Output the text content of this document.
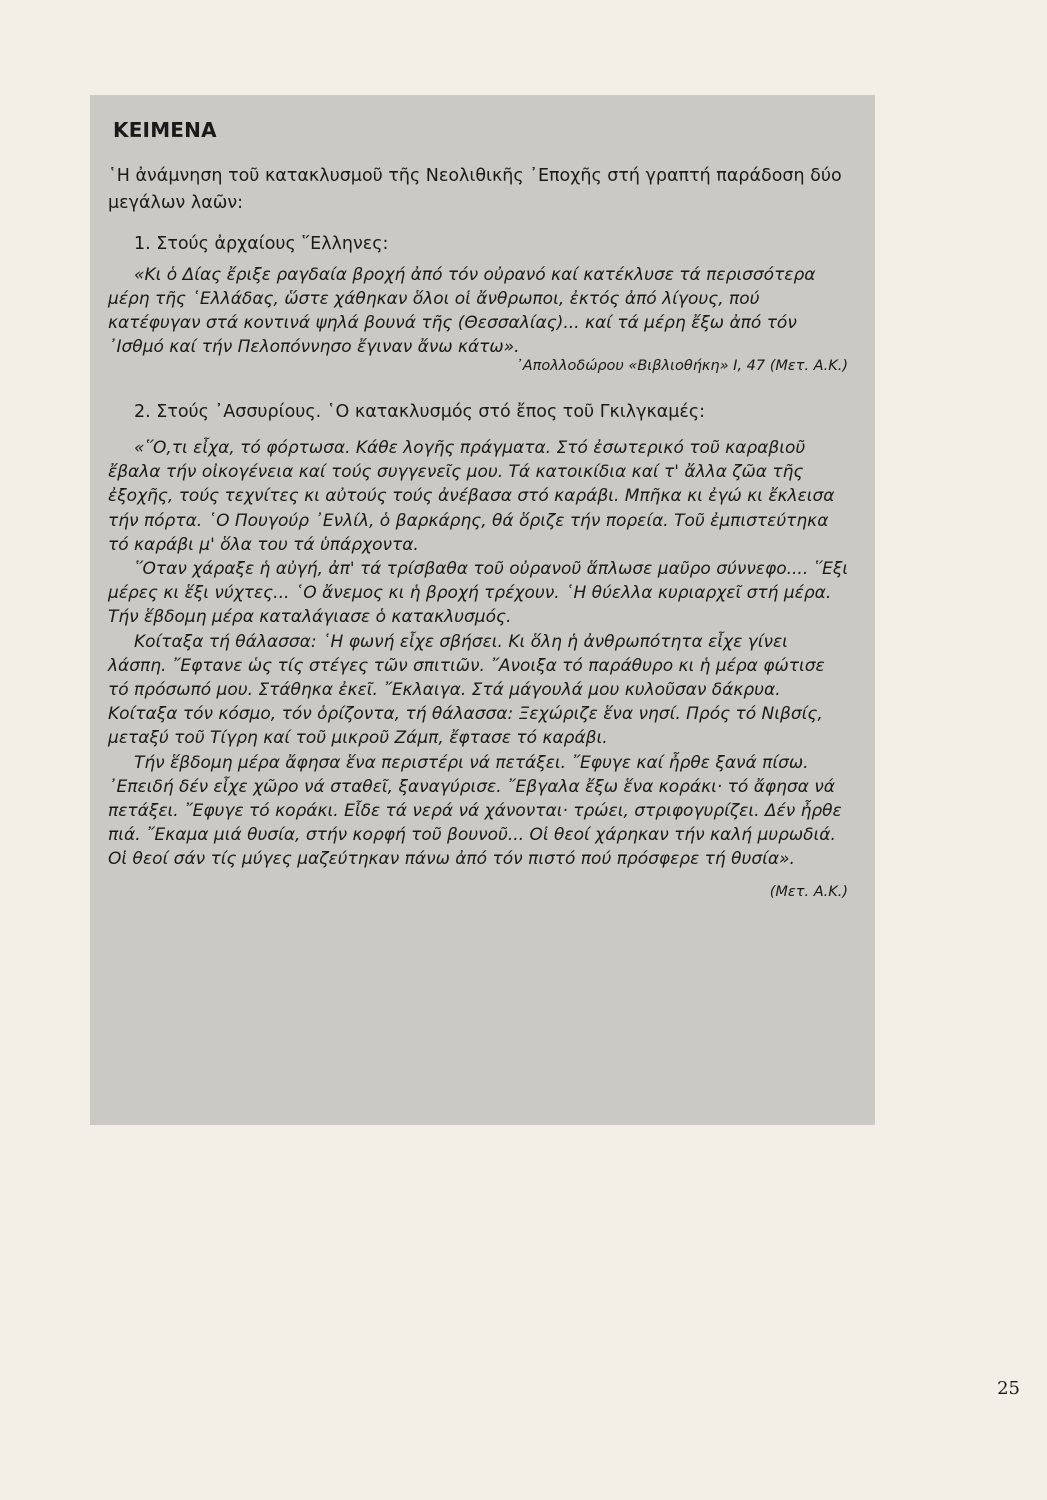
ΚΕΙΜΕΝΑ

῾Η ἀνάμνηση τοῦ κατακλυσμοῦ τῆς Νεολιθικῆς ᾿Εποχῆς στή γραπτή παράδοση δύο μεγάλων λαῶν:

1. Στούς ἀρχαίους ῞Ελληνες:

«Κι ὁ Δίας ἔριξε ραγδαία βροχή ἀπό τόν οὐρανό καί κατέκλυσε τά περισσότερα μέρη τῆς ῾Ελλάδας, ὥστε χάθηκαν ὅλοι οἱ ἄνθρωποι, ἐκτός ἀπό λίγους, πού κατέφυγαν στά κοντινά ψηλά βουνά τῆς (Θεσσαλίας)... καί τά μέρη ἔξω ἀπό τόν ᾿Ισθμό καί τήν Πελοπόννησο ἔγιναν ἄνω κάτω».

᾿Απολλοδώρου «Βιβλιοθήκη» Ι, 47 (Μετ. Α.Κ.)

2. Στούς ᾿Ασσυρίους. ῾Ο κατακλυσμός στό ἔπος τοῦ Γκιλγκαμές:

«῞Ο,τι εἶχα, τό φόρτωσα. Κάθε λογῆς πράγματα. Στό ἐσωτερικό τοῦ καραβιοῦ ἔβαλα τήν οἰκογένεια καί τούς συγγενεῖς μου. Τά κατοικίδια καί τ' ἄλλα ζῶα τῆς ἐξοχῆς, τούς τεχνίτες κι αὐτούς τούς ἀνέβασα στό καράβι. Μπῆκα κι ἐγώ κι ἔκλεισα τήν πόρτα. ῾Ο Πουγούρ ᾿Ενλίλ, ὁ βαρκάρης, θά ὅριζε τήν πορεία. Τοῦ ἐμπιστεύτηκα τό καράβι μ' ὅλα του τά ὑπάρχοντα.

῞Οταν χάραξε ἡ αὐγή, ἀπ' τά τρίσβαθα τοῦ οὐρανοῦ ἅπλωσε μαῦρο σύννεφο.... ῞Εξι μέρες κι ἕξι νύχτες... ῾Ο ἄνεμος κι ἡ βροχή τρέχουν. ῾Η θύελλα κυριαρχεῖ στή μέρα. Τήν ἕβδομη μέρα καταλάγιασε ὁ κατακλυσμός.

Κοίταξα τή θάλασσα: ῾Η φωνή εἶχε σβήσει. Κι ὅλη ἡ ἀνθρωπότητα εἶχε γίνει λάσπη. ῎Εφτανε ὡς τίς στέγες τῶν σπιτιῶν. ῎Ανοιξα τό παράθυρο κι ἡ μέρα φώτισε τό πρόσωπό μου. Στάθηκα ἐκεῖ. ῎Εκλαιγα. Στά μάγουλά μου κυλοῦσαν δάκρυα. Κοίταξα τόν κόσμο, τόν ὁρίζοντα, τή θάλασσα: Ξεχώριζε ἕνα νησί. Πρός τό Νιβσίς, μεταξύ τοῦ Τίγρη καί τοῦ μικροῦ Ζάμπ, ἔφτασε τό καράβι.

Τήν ἕβδομη μέρα ἄφησα ἕνα περιστέρι νά πετάξει. ῎Εφυγε καί ἦρθε ξανά πίσω. ᾿Επειδή δέν εἶχε χῶρο νά σταθεῖ, ξαναγύρισε. ῎Εβγαλα ἔξω ἕνα κοράκι· τό ἄφησα νά πετάξει. ῎Εφυγε τό κοράκι. Εἶδε τά νερά νά χάνονται· τρώει, στριφογυρίζει. Δέν ἦρθε πιά. ῎Εκαμα μιά θυσία, στήν κορφή τοῦ βουνοῦ... Οἱ θεοί χάρηκαν τήν καλή μυρωδιά. Οἱ θεοί σάν τίς μύγες μαζεύτηκαν πάνω ἀπό τόν πιστό πού πρόσφερε τή θυσία».

(Μετ. Α.Κ.)

25
